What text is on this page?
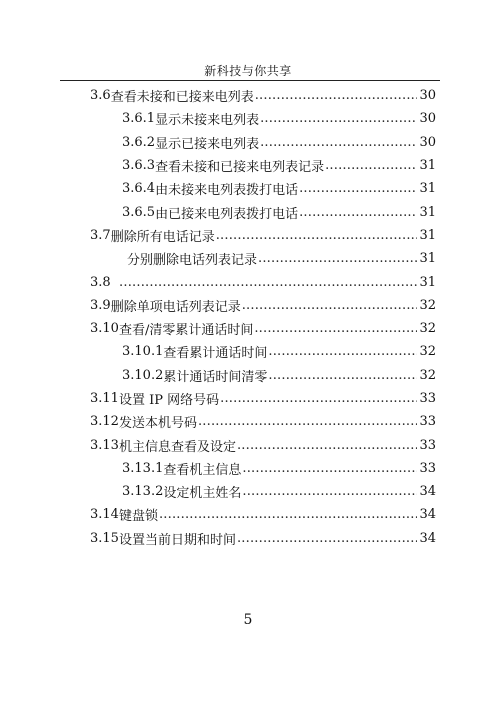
新科技与你共享
3.6 查看未接和已接来电列表 .....	30
3.6.1 显示未接来电列表 .....	30
3.6.2 显示已接来电列表 .....	30
3.6.3 查看未接和已接来电列表记录 .....	31
3.6.4 由未接来电列表拨打电话 .....	31
3.6.5 由已接来电列表拨打电话 .....	31
3.7 删除所有电话记录 .....	31
分别删除电话列表记录 .....	31
3.8 .....	31
3.9 删除单项电话列表记录 .....	32
3.10 查看/清零累计通话时间 .....	32
3.10.1 查看累计通话时间 .....	32
3.10.2 累计通话时间清零 .....	32
3.11 设置 IP 网络号码 .....	33
3.12 发送本机号码 .....	33
3.13 机主信息查看及设定 .....	33
3.13.1 查看机主信息 .....	33
3.13.2 设定机主姓名 .....	34
3.14 键盘锁 .....	34
3.15 设置当前日期和时间 .....	34
5
